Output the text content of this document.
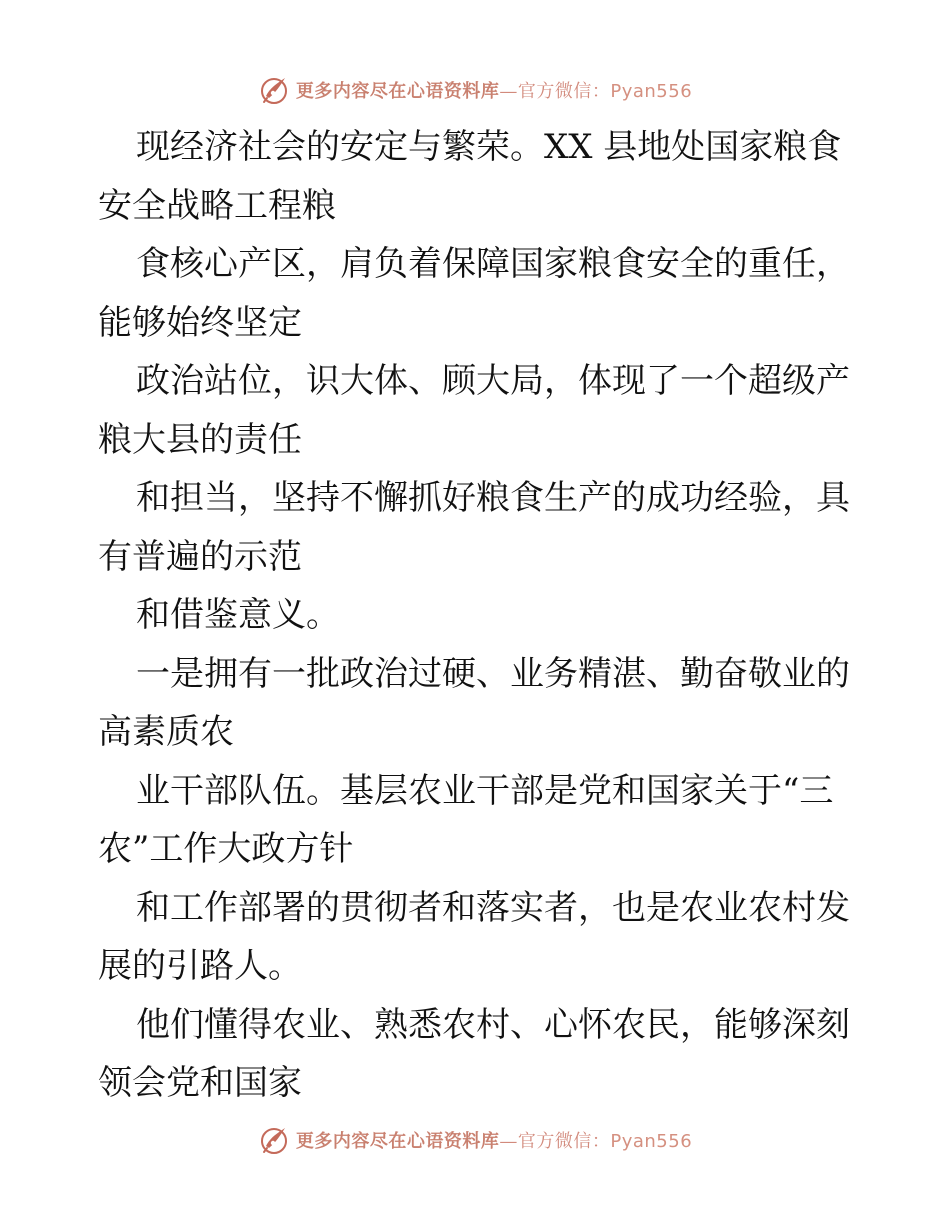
更多内容尽在心语资料库—官方微信：Pyan556
现经济社会的安定与繁荣。XX 县地处国家粮食
安全战略工程粮
食核心产区，肩负着保障国家粮食安全的重任，
能够始终坚定
政治站位，识大体、顾大局，体现了一个超级产
粮大县的责任
和担当，坚持不懈抓好粮食生产的成功经验，具
有普遍的示范
和借鉴意义。
一是拥有一批政治过硬、业务精湛、勤奋敬业的
高素质农
业干部队伍。基层农业干部是党和国家关于“三
农”工作大政方针
和工作部署的贯彻者和落实者，也是农业农村发
展的引路人。
他们懂得农业、熟悉农村、心怀农民，能够深刻
领会党和国家
更多内容尽在心语资料库—官方微信：Pyan556
